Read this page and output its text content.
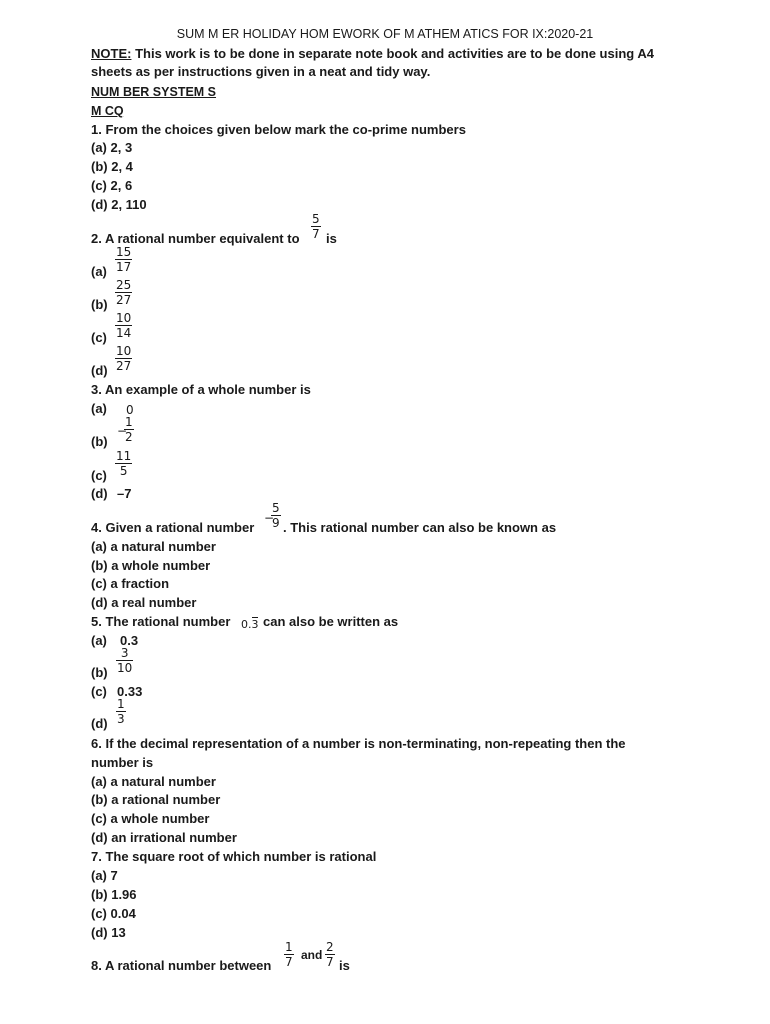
SUM M ER HOLIDAY HOM EWORK OF M ATHEM ATICS FOR IX:2020-21
NOTE: This work is to be done in separate note book and activities are to be done using A4
sheets as per instructions given in a neat and tidy way.
NUM BER SYSTEM S
M CQ
1. From the choices given below mark the co-prime numbers
(a) 2, 3
(b) 2, 4
(c) 2, 6
(d) 2, 110
$\frac{5}{7}$
2. A rational number equivalent to is
$\frac{15}{17}$
(a)
$\frac{25}{27}$
(b)
$\frac{10}{14}$
(c)
$\frac{10}{27}$
(d)
3. An example of a whole number is
(a) 0
−
$\frac{1}{2}$
(b)
$\frac{11}{5}$
(c)
(d) –7
−
$\frac{5}{9}$
4. Given a rational number . This rational number can also be known as
(a) a natural number
(b) a whole number
(c) a fraction
(d) a real number
5. The rational number 0.3 can also be written as
(a) 0.3
$\frac{3}{10}$
(b)
(c) 0.33
$\frac{1}{3}$
(d)
6. If the decimal representation of a number is non-terminating, non-repeating then the
number is
(a) a natural number
(b) a rational number
(c) a whole number
(d) an irrational number
7. The square root of which number is rational
(a) 7
(b) 1.96
(c) 0.04
(d) 13
$\frac{1}{7}$ and $\frac{2}{7}$
8. A rational number between	is
